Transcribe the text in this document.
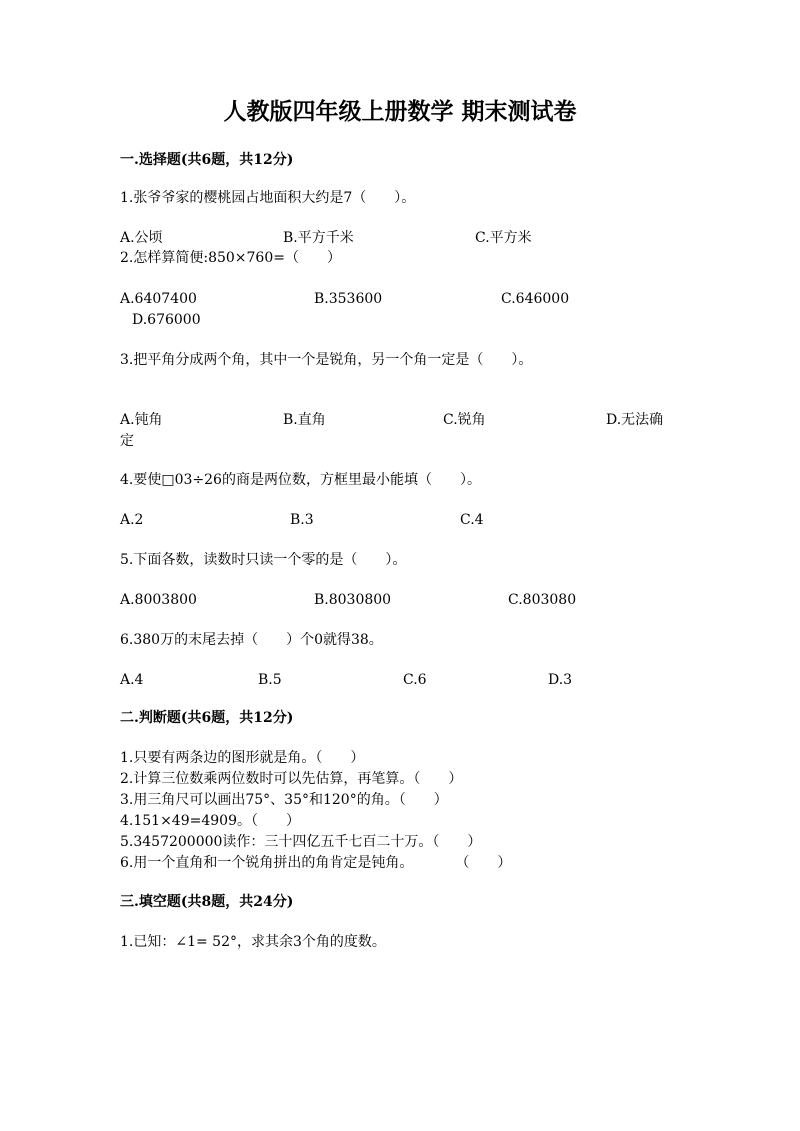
人教版四年级上册数学 期末测试卷
一.选择题(共6题，共12分)
1.张爷爷家的樱桃园占地面积大约是7（　　）。
A.公顷	B.平方千米	C.平方米
2.怎样算简便:850×760=（　　）
A.6407400	B.353600	C.646000
D.676000
3.把平角分成两个角，其中一个是锐角，另一个角一定是（　　）。
A.钝角	B.直角	C.锐角	D.无法确
定
4.要使□03÷26的商是两位数，方框里最小能填（　　）。
A.2	B.3	C.4
5.下面各数，读数时只读一个零的是（　　）。
A.8003800	B.8030800	C.803080
6.380万的末尾去掉（　　）个0就得38。
A.4	B.5	C.6	D.3
二.判断题(共6题，共12分)
1.只要有两条边的图形就是角。（　　）
2.计算三位数乘两位数时可以先估算，再笔算。（　　）
3.用三角尺可以画出75°、35°和120°的角。（　　）
4.151×49=4909。（　　）
5.3457200000读作：三十四亿五千七百二十万。（　　）
6.用一个直角和一个锐角拼出的角肯定是钝角。　　　　（　　）
三.填空题(共8题，共24分)
1.已知：∠1= 52°，求其余3个角的度数。
